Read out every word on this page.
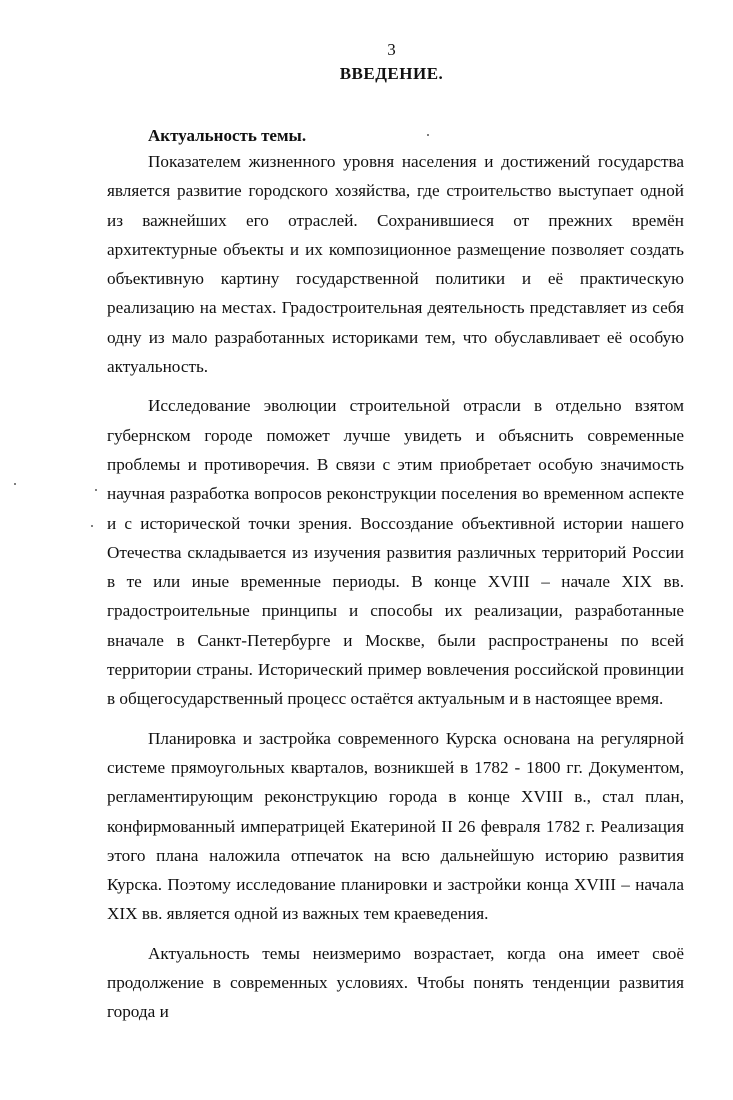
3
ВВЕДЕНИЕ.
Актуальность темы.

Показателем жизненного уровня населения и достижений государства является развитие городского хозяйства, где строительство выступает одной из важнейших его отраслей. Сохранившиеся от прежних времён архитектурные объекты и их композиционное размещение позволяет создать объективную картину государственной политики и её практическую реализацию на местах. Градостроительная деятельность представляет из себя одну из мало разработанных историками тем, что обуславливает её особую актуальность.

Исследование эволюции строительной отрасли в отдельно взятом губернском городе поможет лучше увидеть и объяснить современные проблемы и противоречия. В связи с этим приобретает особую значимость научная разработка вопросов реконструкции поселения во временном аспекте и с исторической точки зрения. Воссоздание объективной истории нашего Отечества складывается из изучения развития различных территорий России в те или иные временные периоды. В конце XVIII – начале XIX вв. градостроительные принципы и способы их реализации, разработанные вначале в Санкт-Петербурге и Москве, были распространены по всей территории страны. Исторический пример вовлечения российской провинции в общегосударственный процесс остаётся актуальным и в настоящее время.

Планировка и застройка современного Курска основана на регулярной системе прямоугольных кварталов, возникшей в 1782 - 1800 гг. Документом, регламентирующим реконструкцию города в конце XVIII в., стал план, конфирмованный императрицей Екатериной II 26 февраля 1782 г. Реализация этого плана наложила отпечаток на всю дальнейшую историю развития Курска. Поэтому исследование планировки и застройки конца XVIII – начала XIX вв. является одной из важных тем краеведения.

Актуальность темы неизмеримо возрастает, когда она имеет своё продолжение в современных условиях. Чтобы понять тенденции развития города и
